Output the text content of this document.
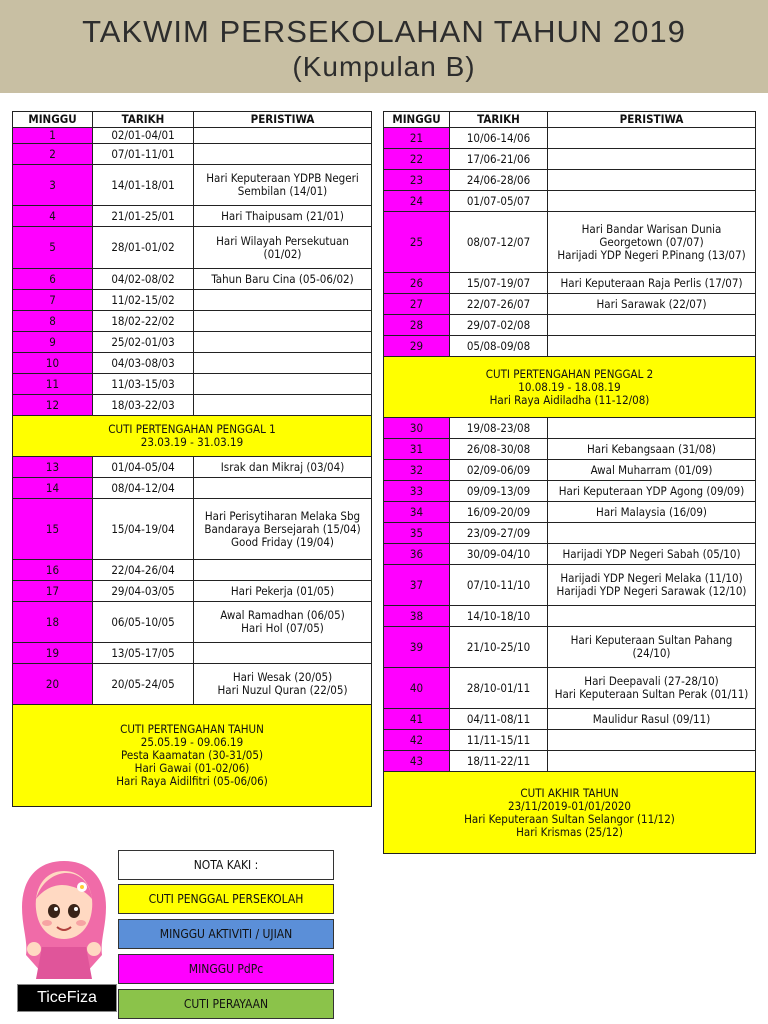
TAKWIM PERSEKOLAHAN TAHUN 2019
(Kumpulan B)
MINGGU	TARIKH	PERISTIWA
1	02/01-04/01	
2	07/01-11/01	
3	14/01-18/01	Hari Keputeraan YDPB Negeri
Sembilan (14/01)

4	21/01-25/01	Hari Thaipusam (21/01)

5	28/01-01/02	Hari Wilayah Persekutuan
(01/02)

6	04/02-08/02	Tahun Baru Cina (05-06/02)

7	11/02-15/02	
8	18/02-22/02	
9	25/02-01/03	
10	04/03-08/03	
11	11/03-15/03	
12	18/03-22/03	

CUTI PERTENGAHAN PENGGAL 1
23.03.19 - 31.03.19		

13	01/04-05/04	Israk dan Mikraj (03/04)

14	08/04-12/04	
15	15/04-19/04	Hari Perisytiharan Melaka Sbg
Bandaraya Bersejarah (15/04)
Good Friday (19/04)

16	22/04-26/04	
17	29/04-03/05	Hari Pekerja (01/05)

18	06/05-10/05	Awal Ramadhan (06/05)
Hari Hol (07/05)

19	13/05-17/05	
20	20/05-24/05	Hari Wesak (20/05)
Hari Nuzul Quran (22/05)

CUTI PERTENGAHAN TAHUN
25.05.19 - 09.06.19
Pesta Kaamatan (30-31/05)
Hari Gawai (01-02/06)
Hari Raya Aidilfitri (05-06/06)		
MINGGU	TARIKH	PERISTIWA
21	10/06-14/06	
22	17/06-21/06	
23	24/06-28/06	
24	01/07-05/07	
25	08/07-12/07	Hari Bandar Warisan Dunia
Georgetown (07/07)
Harijadi YDP Negeri P.Pinang (13/07)

26	15/07-19/07	Hari Keputeraan Raja Perlis (17/07)

27	22/07-26/07	Hari Sarawak (22/07)

28	29/07-02/08	
29	05/08-09/08	

CUTI PERTENGAHAN PENGGAL 2
10.08.19 - 18.08.19
Hari Raya Aidiladha (11-12/08)		

30	19/08-23/08	
31	26/08-30/08	Hari Kebangsaan (31/08)

32	02/09-06/09	Awal Muharram (01/09)

33	09/09-13/09	Hari Keputeraan YDP Agong (09/09)

34	16/09-20/09	Hari Malaysia (16/09)

35	23/09-27/09	
36	30/09-04/10	Harijadi YDP Negeri Sabah (05/10)

37	07/10-11/10	Harijadi YDP Negeri Melaka (11/10)
Harijadi YDP Negeri Sarawak (12/10)

38	14/10-18/10	
39	21/10-25/10	Hari Keputeraan Sultan Pahang
(24/10)

40	28/10-01/11	Hari Deepavali (27-28/10)
Hari Keputeraan Sultan Perak (01/11)

41	04/11-08/11	Maulidur Rasul (09/11)

42	11/11-15/11	
43	18/11-22/11	

CUTI AKHIR TAHUN
23/11/2019-01/01/2020
Hari Keputeraan Sultan Selangor (11/12)
Hari Krismas (25/12)		
NOTA KAKI :
CUTI PENGGAL PERSEKOLAH
MINGGU AKTIVITI / UJIAN
MINGGU PdPc
CUTI PERAYAAN
TiceFiza
